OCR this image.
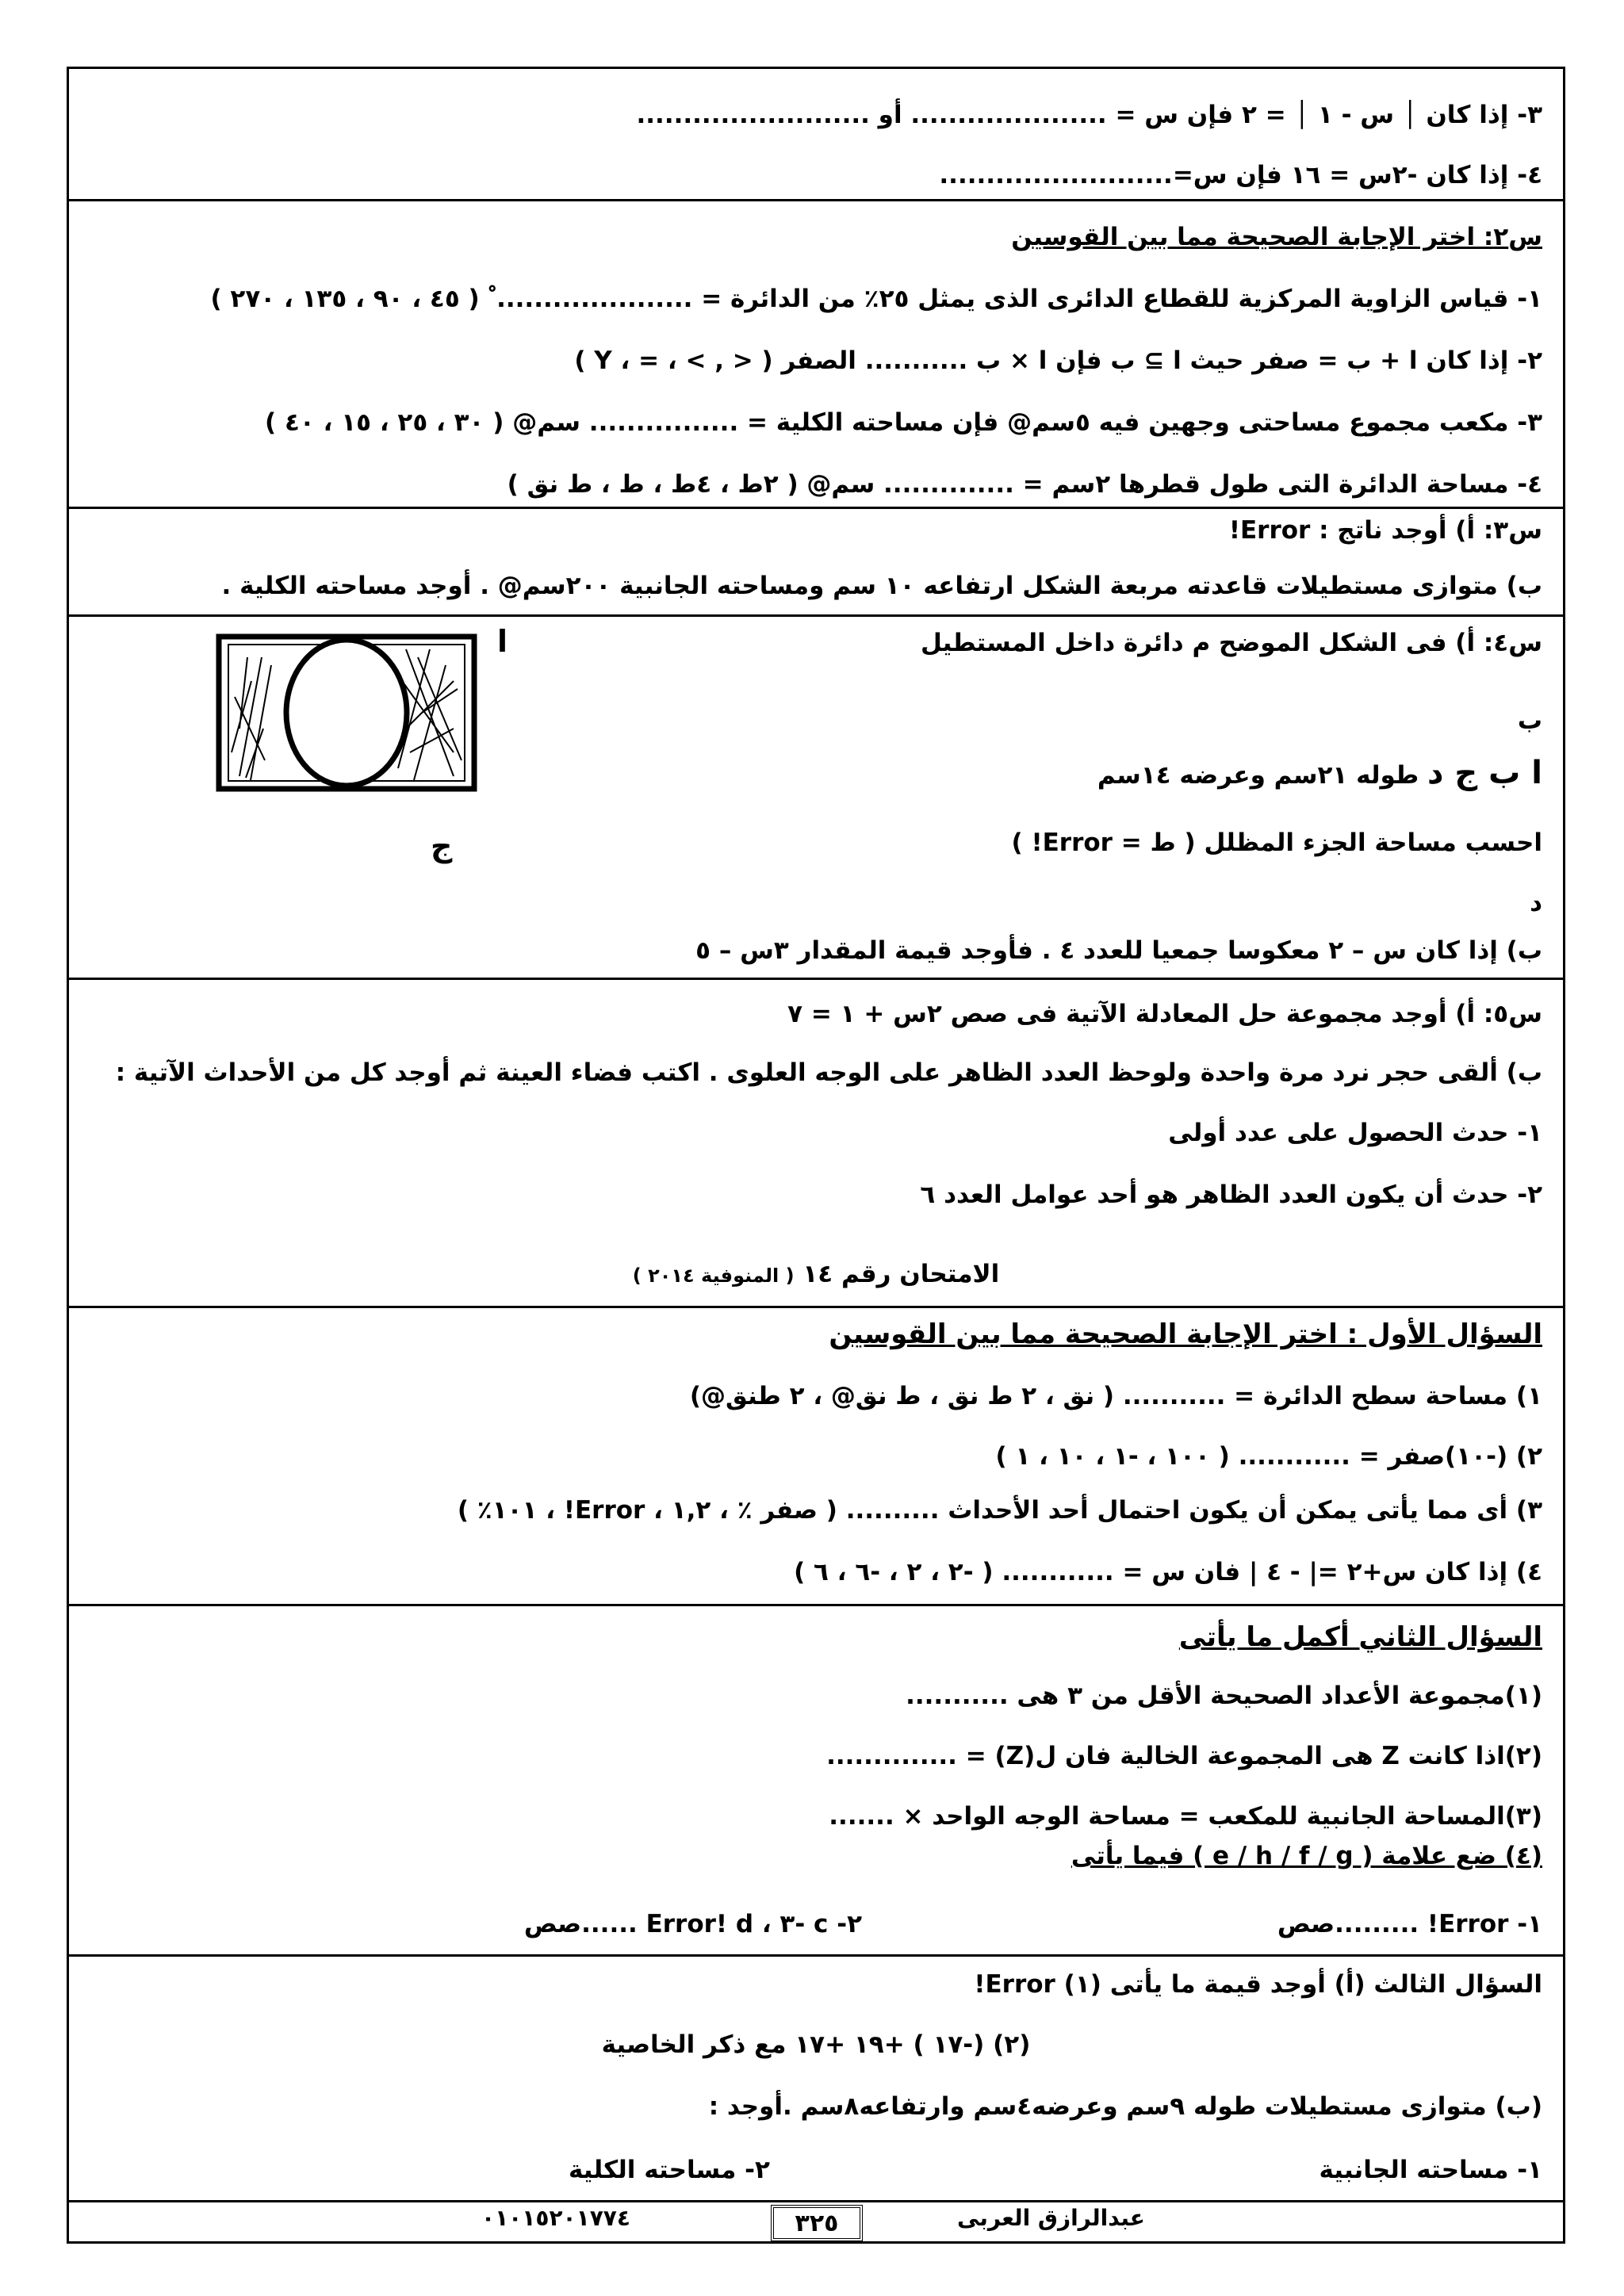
٣- إذا كان │ س - ١ │ = ٢ فإن س = ..................... أو .........................
٤- إذا كان -٢س = ١٦ فإن س=.........................
س٢: اختر الإجابة الصحيحة مما بين القوسين
١- قياس الزاوية المركزية للقطاع الدائرى الذى يمثل ٢٥٪ من الدائرة = ..................... ْ ( ٤٥ ، ٩٠ ، ١٣٥ ، ٢٧٠ )
٢- إذا كان ا + ب = صفر حيث ا ⊇ ب فإن ا × ب ........... الصفر ( < , > ، = ، Y )
٣- مكعب مجموع مساحتى وجهين فيه ٥سم@ فإن مساحته الكلية = ................ سم@ ( ٣٠ ، ٢٥ ، ١٥ ، ٤٠ )
٤- مساحة الدائرة التى طول قطرها ٢سم = .............. سم@ ( ٢ط ، ٤ط ، ط ، ط نق )
س٣: أ) أوجد ناتج : Error!
ب) متوازى مستطيلات قاعدته مربعة الشكل ارتفاعه ١٠ سم ومساحته الجانبية ٢٠٠سم@ . أوجد مساحته الكلية .
س٤: أ) فى الشكل الموضح م دائرة داخل المستطيل
ا
ب
ا ب ج د طوله ٢١سم وعرضه ١٤سم
احسب مساحة الجزء المظلل ( ط = Error! )
ج
د
ب) إذا كان س – ٢ معكوسا جمعيا للعدد ٤ . فأوجد قيمة المقدار ٣س – ٥
س٥: أ) أوجد مجموعة حل المعادلة الآتية فى صص ٢س + ١ = ٧
ب) ألقى حجر نرد مرة واحدة ولوحظ العدد الظاهر على الوجه العلوى . اكتب فضاء العينة ثم أوجد كل من الأحداث الآتية :
١- حدث الحصول على عدد أولى
٢- حدث أن يكون العدد الظاهر هو أحد عوامل العدد ٦
الامتحان رقم ١٤ ( المنوفية ٢٠١٤ )
السؤال الأول : اختر الإجابة الصحيحة مما بين القوسين
١) مساحة سطح الدائرة = ........... ( نق ، ٢ ط نق ، ط نق@ ، ٢ طنق@)
٢) (-١٠)صفر = ............ ( ١٠٠ ، -١ ، ١٠ ، ١ )
٣) أى مما يأتى يمكن أن يكون احتمال أحد الأحداث .......... ( صفر ٪ ، ١,٢ ، Error! ، ١٠١٪ )
٤) إذا كان س+٢ =| - ٤ | فان س = ............ ( -٢ ، ٢ ، -٦ ، ٦ )
السؤال الثاني أكمل ما يأتى
(١)مجموعة الأعداد الصحيحة الأقل من ٣ هى ...........
(٢)اذا كانت Z هى المجموعة الخالية فان ل(Z) = ..............
(٣)المساحة الجانبية للمكعب = مساحة الوجه الواحد × .......
(٤) ضع علامة ( e / h / f / g ) فيما يأتى
١- Error! .........صص
٢- c -٣ ، Error! d ......صص
السؤال الثالث (أ) أوجد قيمة ما يأتى (١) Error!
(٢) (-١٧ ) +١٩ +١٧ مع ذكر الخاصية
(ب) متوازى مستطيلات طوله ٩سم وعرضه٤سم وارتفاعه٨سم .أوجد :
١- مساحته الجانبية
٢- مساحته الكلية
عبدالرازق العربى
٣٢٥
٠١٠١٥٢٠١٧٧٤
